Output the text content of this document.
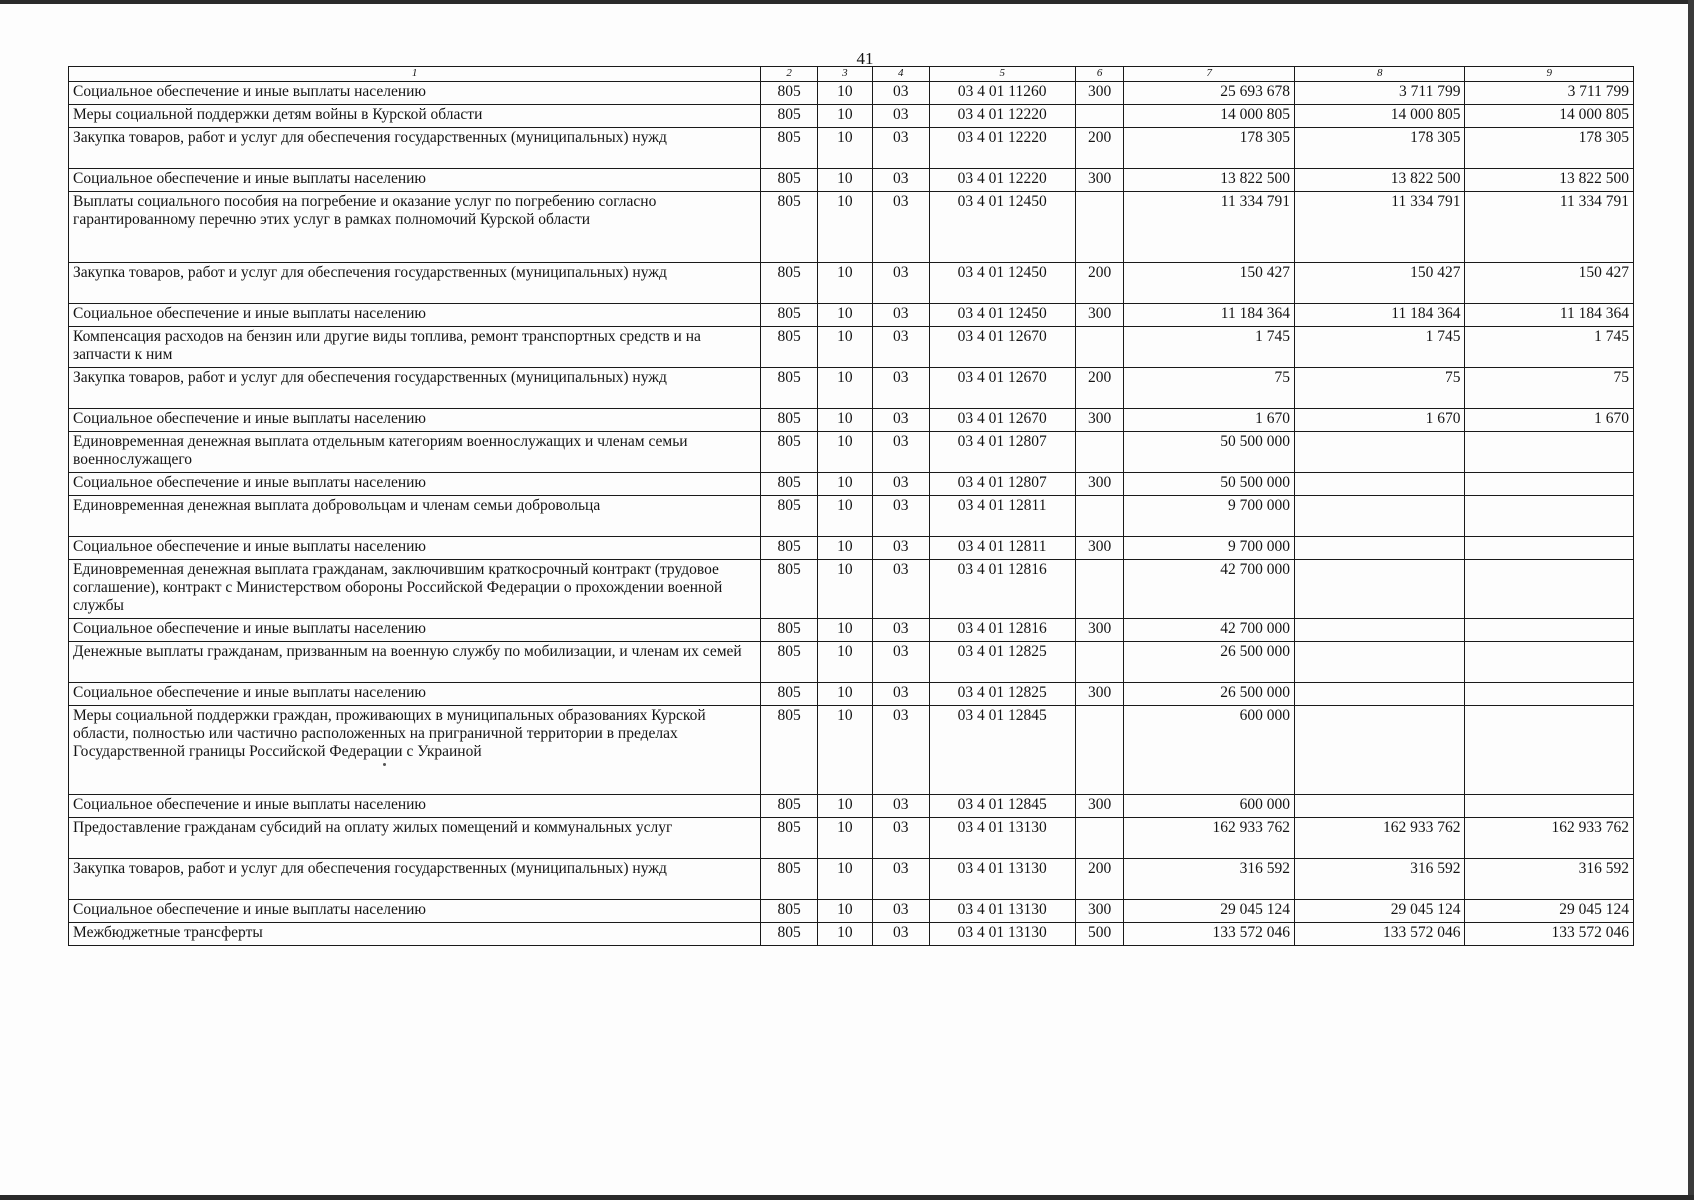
41
1	2	3	4	5	6	7	8	9
Социальное обеспечение и иные выплаты населению	805	10	03	03 4 01 11260	300	25 693 678	3 711 799	3 711 799
Меры социальной поддержки детям войны в Курской области	805	10	03	03 4 01 12220		14 000 805	14 000 805	14 000 805
Закупка товаров, работ и услуг для обеспечения государственных (муниципальных) нужд	805	10	03	03 4 01 12220	200	178 305	178 305	178 305
Социальное обеспечение и иные выплаты населению	805	10	03	03 4 01 12220	300	13 822 500	13 822 500	13 822 500
Выплаты социального пособия на погребение и оказание услуг по погребению согласно гарантированному перечню этих услуг в рамках полномочий Курской области	805	10	03	03 4 01 12450		11 334 791	11 334 791	11 334 791
Закупка товаров, работ и услуг для обеспечения государственных (муниципальных) нужд	805	10	03	03 4 01 12450	200	150 427	150 427	150 427
Социальное обеспечение и иные выплаты населению	805	10	03	03 4 01 12450	300	11 184 364	11 184 364	11 184 364
Компенсация расходов на бензин или другие виды топлива, ремонт транспортных средств и на запчасти к ним	805	10	03	03 4 01 12670		1 745	1 745	1 745
Закупка товаров, работ и услуг для обеспечения государственных (муниципальных) нужд	805	10	03	03 4 01 12670	200	75	75	75
Социальное обеспечение и иные выплаты населению	805	10	03	03 4 01 12670	300	1 670	1 670	1 670
Единовременная денежная выплата отдельным категориям военнослужащих и членам семьи военнослужащего	805	10	03	03 4 01 12807		50 500 000		
Социальное обеспечение и иные выплаты населению	805	10	03	03 4 01 12807	300	50 500 000		
Единовременная денежная выплата добровольцам и членам семьи добровольца	805	10	03	03 4 01 12811		9 700 000		
Социальное обеспечение и иные выплаты населению	805	10	03	03 4 01 12811	300	9 700 000		
Единовременная денежная выплата гражданам, заключившим краткосрочный контракт (трудовое соглашение), контракт с Министерством обороны Российской Федерации о прохождении военной службы	805	10	03	03 4 01 12816		42 700 000		
Социальное обеспечение и иные выплаты населению	805	10	03	03 4 01 12816	300	42 700 000		
Денежные выплаты гражданам, призванным на военную службу по мобилизации, и членам их семей	805	10	03	03 4 01 12825		26 500 000		
Социальное обеспечение и иные выплаты населению	805	10	03	03 4 01 12825	300	26 500 000		
Меры социальной поддержки граждан, проживающих в муниципальных образованиях Курской области, полностью или частично расположенных на приграничной территории в пределах Государственной границы Российской Федерации с Украиной	805	10	03	03 4 01 12845		600 000		
Социальное обеспечение и иные выплаты населению	805	10	03	03 4 01 12845	300	600 000		
Предоставление гражданам субсидий на оплату жилых помещений и коммунальных услуг	805	10	03	03 4 01 13130		162 933 762	162 933 762	162 933 762
Закупка товаров, работ и услуг для обеспечения государственных (муниципальных) нужд	805	10	03	03 4 01 13130	200	316 592	316 592	316 592
Социальное обеспечение и иные выплаты населению	805	10	03	03 4 01 13130	300	29 045 124	29 045 124	29 045 124
Межбюджетные трансферты	805	10	03	03 4 01 13130	500	133 572 046	133 572 046	133 572 046
